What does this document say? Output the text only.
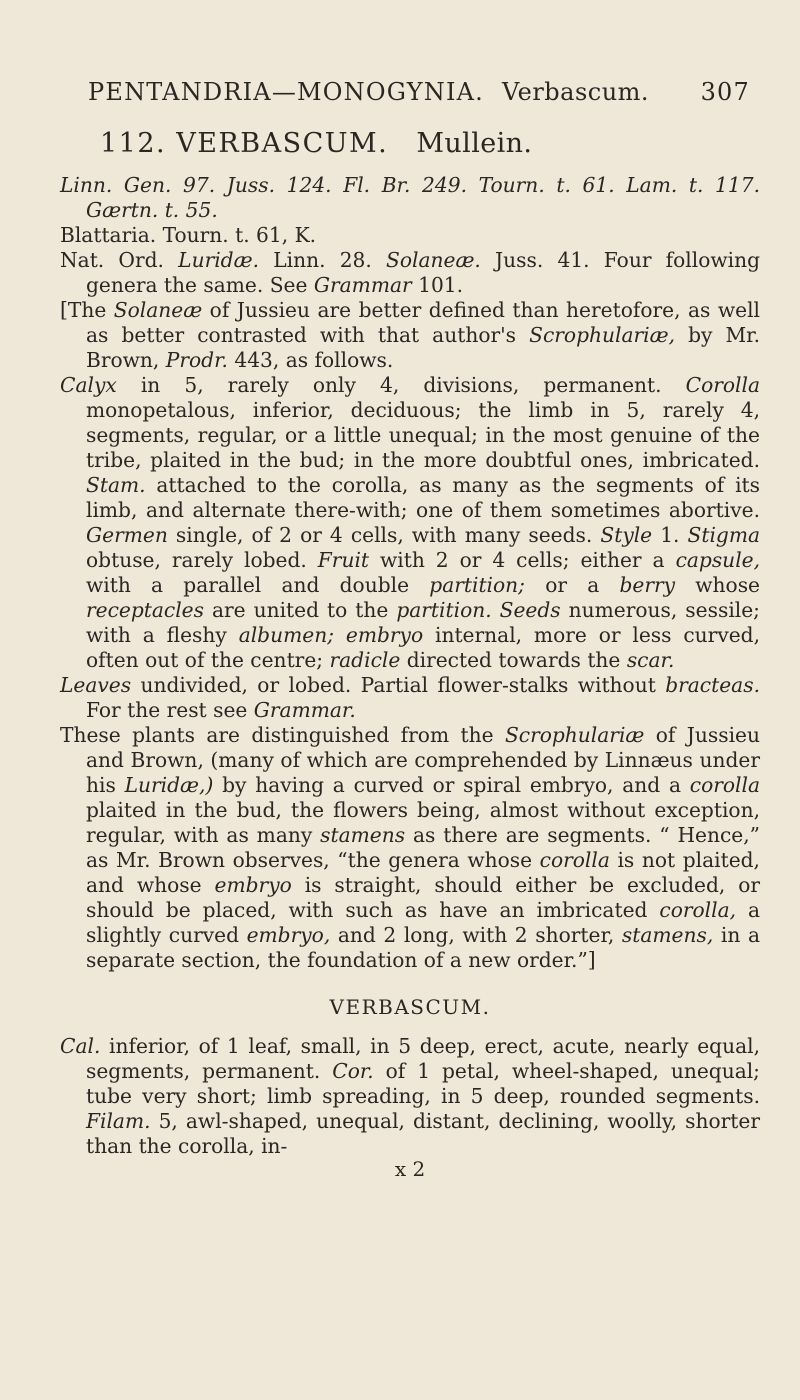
PENTANDRIA—MONOGYNIA. Verbascum. 307
112. VERBASCUM. Mullein.

Linn. Gen. 97. Juss. 124. Fl. Br. 249. Tourn. t. 61. Lam. t. 117. Gærtn. t. 55.

Blattaria. Tourn. t. 61, K.

Nat. Ord. Luridæ. Linn. 28. Solaneæ. Juss. 41. Four following genera the same. See Grammar 101.

[The Solaneæ of Jussieu are better defined than heretofore, as well as better contrasted with that author's Scrophulariæ, by Mr. Brown, Prodr. 443, as follows.

Calyx in 5, rarely only 4, divisions, permanent. Corolla monopetalous, inferior, deciduous; the limb in 5, rarely 4, segments, regular, or a little unequal; in the most genuine of the tribe, plaited in the bud; in the more doubtful ones, imbricated. Stam. attached to the corolla, as many as the segments of its limb, and alternate there-with; one of them sometimes abortive. Germen single, of 2 or 4 cells, with many seeds. Style 1. Stigma obtuse, rarely lobed. Fruit with 2 or 4 cells; either a capsule, with a parallel and double partition; or a berry whose receptacles are united to the partition. Seeds numerous, sessile; with a fleshy albumen; embryo internal, more or less curved, often out of the centre; radicle directed towards the scar.

Leaves undivided, or lobed. Partial flower-stalks without bracteas. For the rest see Grammar.

These plants are distinguished from the Scrophulariæ of Jussieu and Brown, (many of which are comprehended by Linnæus under his Luridæ,) by having a curved or spiral embryo, and a corolla plaited in the bud, the flowers being, almost without exception, regular, with as many stamens as there are segments. “ Hence,” as Mr. Brown observes, “the genera whose corolla is not plaited, and whose embryo is straight, should either be excluded, or should be placed, with such as have an imbricated corolla, a slightly curved embryo, and 2 long, with 2 shorter, stamens, in a separate section, the foundation of a new order.”]

VERBASCUM.

Cal. inferior, of 1 leaf, small, in 5 deep, erect, acute, nearly equal, segments, permanent. Cor. of 1 petal, wheel-shaped, unequal; tube very short; limb spreading, in 5 deep, rounded segments. Filam. 5, awl-shaped, unequal, distant, declining, woolly, shorter than the corolla, in-

x 2
